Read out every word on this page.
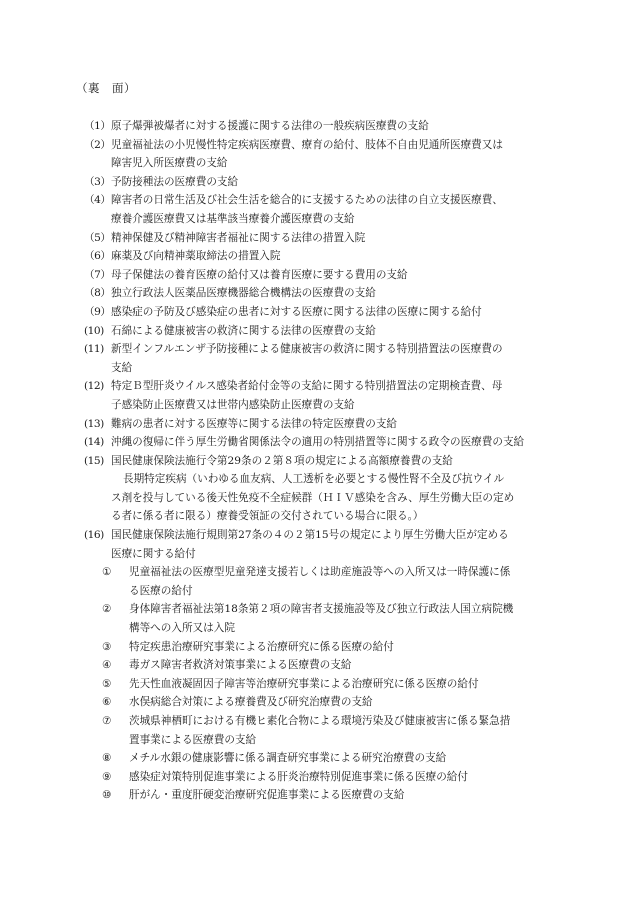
（裏　面）
（1） 原子爆弾被爆者に対する援護に関する法律の一般疾病医療費の支給
（2） 児童福祉法の小児慢性特定疾病医療費、療育の給付、肢体不自由児通所医療費又は
障害児入所医療費の支給
（3） 予防接種法の医療費の支給
（4） 障害者の日常生活及び社会生活を総合的に支援するための法律の自立支援医療費、
療養介護医療費又は基準該当療養介護医療費の支給
（5） 精神保健及び精神障害者福祉に関する法律の措置入院
（6） 麻薬及び向精神薬取締法の措置入院
（7） 母子保健法の養育医療の給付又は養育医療に要する費用の支給
（8） 独立行政法人医薬品医療機器総合機構法の医療費の支給
（9） 感染症の予防及び感染症の患者に対する医療に関する法律の医療に関する給付
(10) 石綿による健康被害の救済に関する法律の医療費の支給
(11) 新型インフルエンザ予防接種による健康被害の救済に関する特別措置法の医療費の
支給
(12) 特定Ｂ型肝炎ウイルス感染者給付金等の支給に関する特別措置法の定期検査費、母
子感染防止医療費又は世帯内感染防止医療費の支給
(13) 難病の患者に対する医療等に関する法律の特定医療費の支給
(14) 沖縄の復帰に伴う厚生労働省関係法令の適用の特別措置等に関する政令の医療費の支給
(15) 国民健康保険法施行令第29条の２第８項の規定による高額療養費の支給
長期特定疾病（いわゆる血友病、人工透析を必要とする慢性腎不全及び抗ウイル
ス剤を投与している後天性免疫不全症候群（ＨＩＶ感染を含み、厚生労働大臣の定め
る者に係る者に限る）療養受領証の交付されている場合に限る。）
(16) 国民健康保険法施行規則第27条の４の２第15号の規定により厚生労働大臣が定める
医療に関する給付
①	児童福祉法の医療型児童発達支援若しくは助産施設等への入所又は一時保護に係
る医療の給付
②	身体障害者福祉法第18条第２項の障害者支援施設等及び独立行政法人国立病院機
構等への入所又は入院
③	特定疾患治療研究事業による治療研究に係る医療の給付
④	毒ガス障害者救済対策事業による医療費の支給
⑤	先天性血液凝固因子障害等治療研究事業による治療研究に係る医療の給付
⑥	水俣病総合対策による療養費及び研究治療費の支給
⑦	茨城県神栖町における有機ヒ素化合物による環境汚染及び健康被害に係る緊急措
置事業による医療費の支給
⑧	メチル水銀の健康影響に係る調査研究事業による研究治療費の支給
⑨	感染症対策特別促進事業による肝炎治療特別促進事業に係る医療の給付
⑩	肝がん・重度肝硬変治療研究促進事業による医療費の支給
